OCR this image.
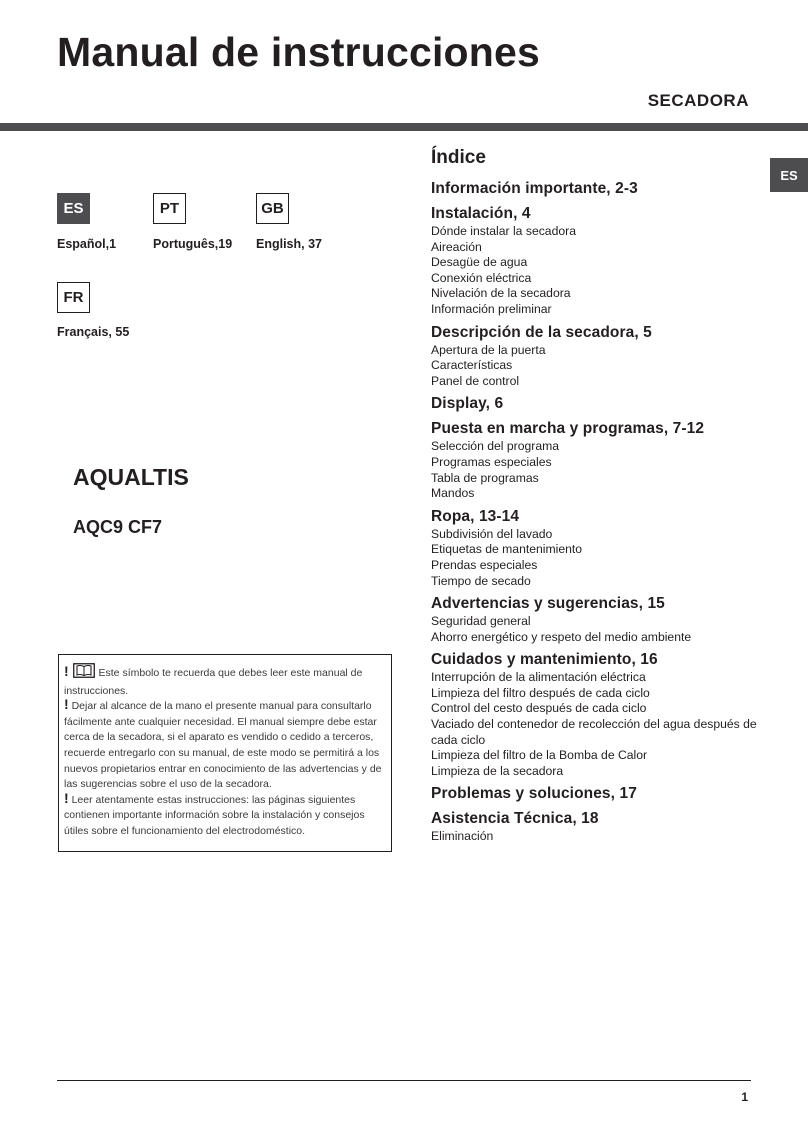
Manual de instrucciones
SECADORA
ES
ES
Español,1
PT
Português,19
GB
English, 37
FR
Français, 55
AQUALTIS
AQC9 CF7

!	Este símbolo te recuerda que debes leer este manual de instrucciones.

! Dejar al alcance de la mano el presente manual para consultarlo fácilmente ante cualquier necesidad. El manual siempre debe estar cerca de la secadora, si el aparato es vendido o cedido a terceros, recuerde entregarlo con su manual, de este modo se permitirá a los nuevos propietarios entrar en conocimiento de las advertencias y de las sugerencias sobre el uso de la secadora.

! Leer atentamente estas instrucciones: las páginas siguientes contienen importante información sobre la instalación y consejos útiles sobre el funcionamiento del electrodoméstico.

Índice
Información importante, 2-3
Instalación, 4
Dónde instalar la secadora
Aireación
Desagüe de agua
Conexión eléctrica
Nivelación de la secadora
Información preliminar
Descripción de la secadora, 5
Apertura de la puerta
Características
Panel de control
Display, 6
Puesta en marcha y programas, 7-12
Selección del programa
Programas especiales
Tabla de programas
Mandos
Ropa, 13-14
Subdivisión del lavado
Etiquetas de mantenimiento
Prendas especiales
Tiempo de secado
Advertencias y sugerencias, 15
Seguridad general
Ahorro energético y respeto del medio ambiente
Cuidados y mantenimiento, 16
Interrupción de la alimentación eléctrica
Limpieza del filtro después de cada ciclo
Control del cesto después de cada ciclo
Vaciado del contenedor de recolección del agua después de cada ciclo
Limpieza del filtro de la Bomba de Calor
Limpieza de la secadora
Problemas y soluciones, 17
Asistencia Técnica, 18
Eliminación
1
